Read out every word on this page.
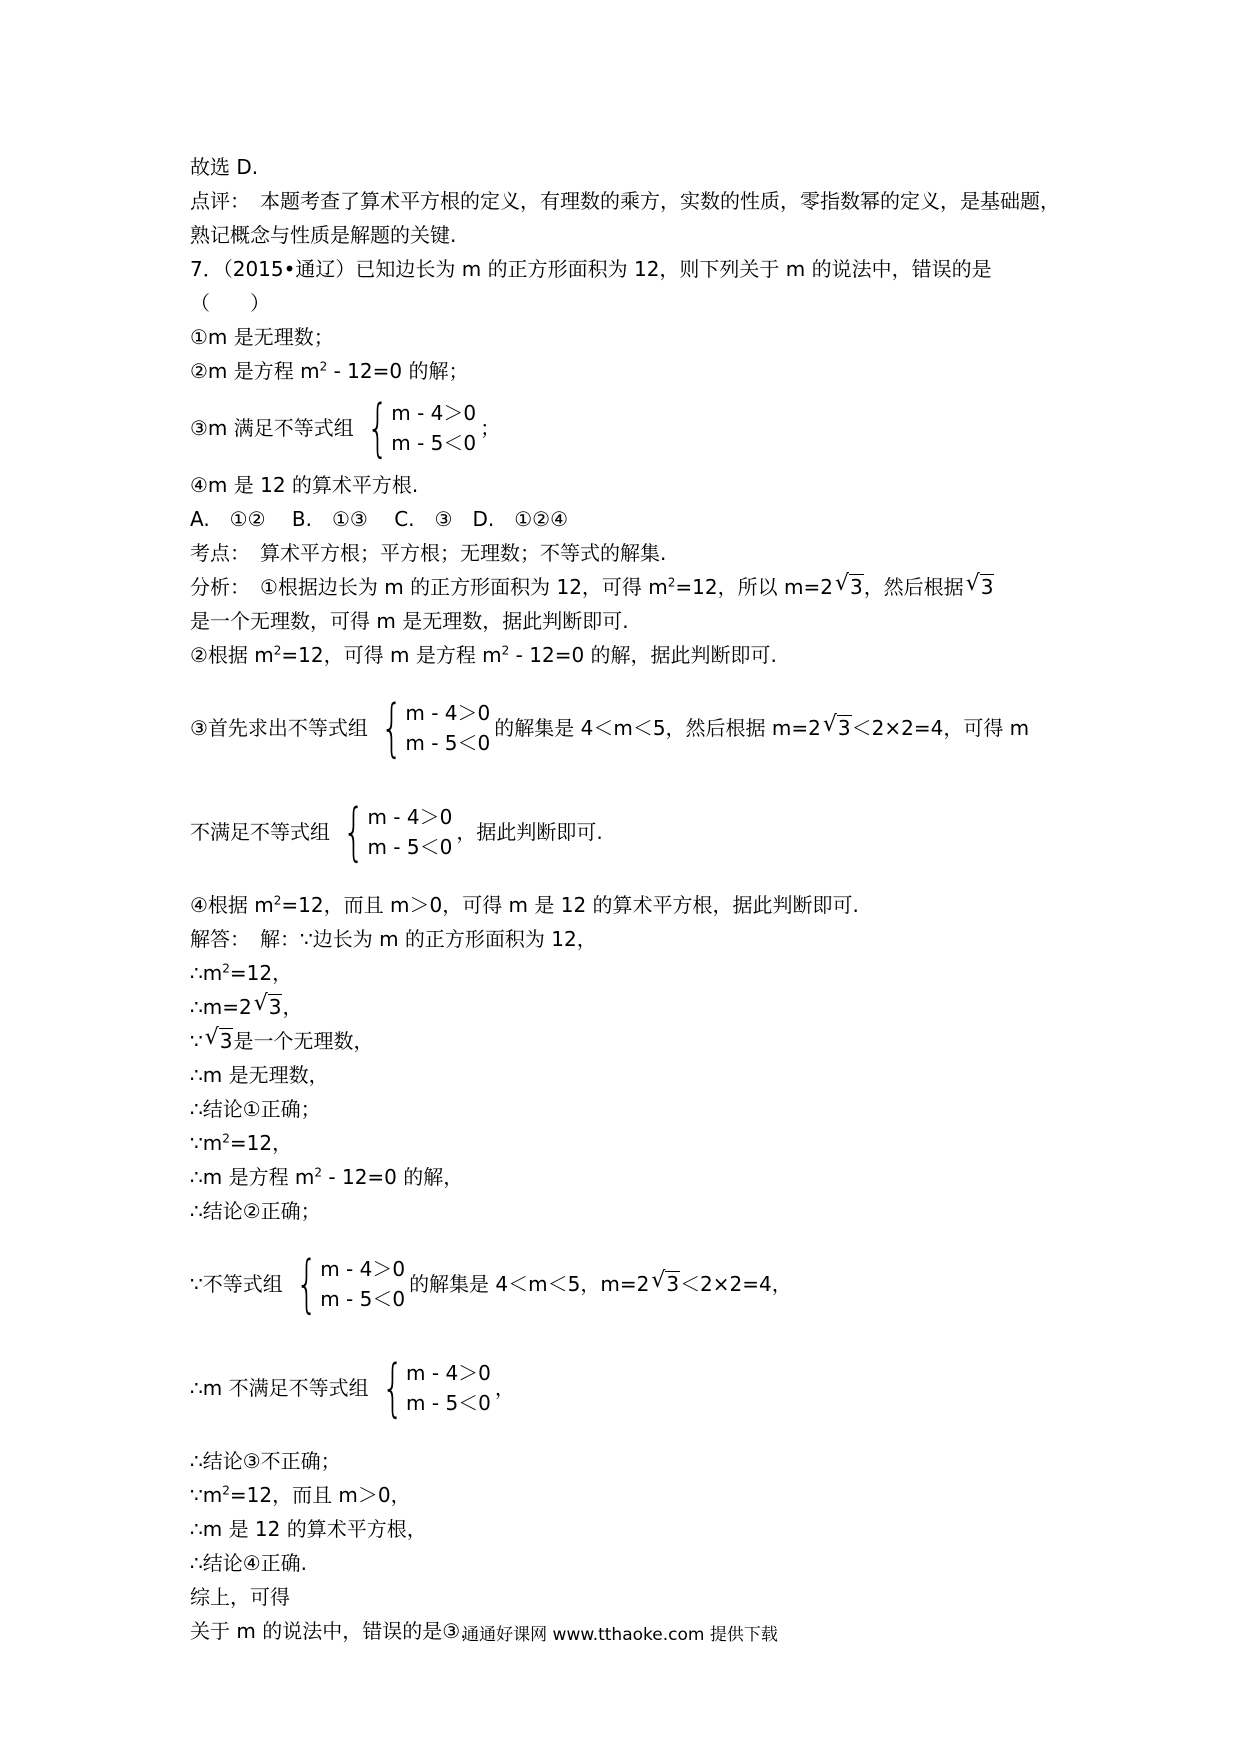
故选 D.
点评：　本题考查了算术平方根的定义，有理数的乘方，实数的性质，零指数幂的定义，是基础题，熟记概念与性质是解题的关键.
7．（2015•通辽）已知边长为 m 的正方形面积为 12，则下列关于 m 的说法中，错误的是（　　）
①m 是无理数；
②m 是方程 $m^2 - 12=0$ 的解；
③m 满足不等式组 { m - 4＞0
m - 5＜0
；
④m 是 12 的算术平方根.
A.　①②　 B.　①③　 C.　③　D.　①②④
考点：　算术平方根；平方根；无理数；不等式的解集.
分析：　①根据边长为 m 的正方形面积为 12，可得 $m^2=12$，所以 m=2 √ 3，然后根据 √ 3
是一个无理数，可得 m 是无理数，据此判断即可.
②根据 $m^2=12$，可得 m 是方程 $m^2 - 12=0$ 的解，据此判断即可.
③首先求出不等式组 { m - 4＞0
m - 5＜0
的解集是 4＜m＜5，然后根据 m=2 √ 3 ＜2×2=4，可得 m
不满足不等式组 { m - 4＞0
m - 5＜0
，据此判断即可.
④根据 $m^2=12$，而且 m＞0，可得 m 是 12 的算术平方根，据此判断即可.
解答：　解：∵边长为 m 的正方形面积为 12，
$\therefore m^2=12$，
∴m=2 √ 3，
∵ √ 3是一个无理数，
∴m 是无理数，
∴结论①正确；
$\because m^2=12$，
∴m 是方程 $m^2 - 12=0$ 的解，
∴结论②正确；
∵不等式组 { m - 4＞0
m - 5＜0
的解集是 4＜m＜5，m=2 √ 3 ＜2×2=4，
∴m 不满足不等式组 { m - 4＞0
m - 5＜0
，
∴结论③不正确；
$\because m^2=12$，而且 m＞0，
∴m 是 12 的算术平方根，
∴结论④正确.
综上，可得
关于 m 的说法中，错误的是③.
通通好课网 www.tthaoke.com 提供下载
